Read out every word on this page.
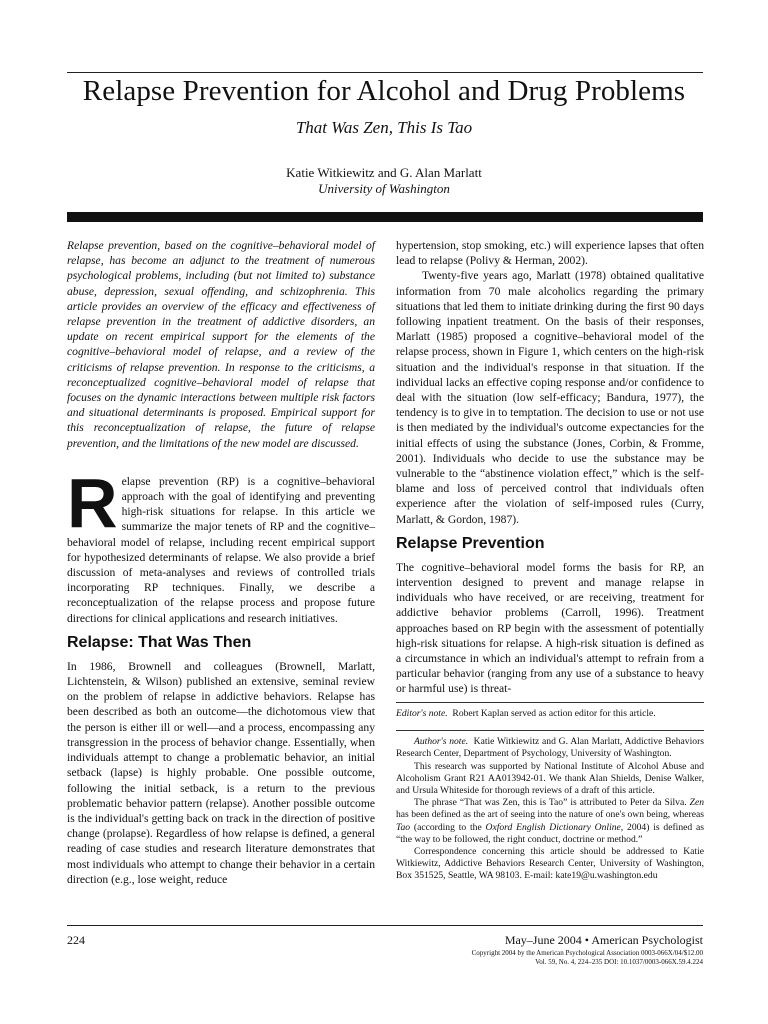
Relapse Prevention for Alcohol and Drug Problems
That Was Zen, This Is Tao
Katie Witkiewitz and G. Alan Marlatt
University of Washington

Relapse prevention, based on the cognitive–behavioral model of relapse, has become an adjunct to the treatment of numerous psychological problems, including (but not limited to) substance abuse, depression, sexual offending, and schizophrenia. This article provides an overview of the efficacy and effectiveness of relapse prevention in the treatment of addictive disorders, an update on recent empirical support for the elements of the cognitive–behavioral model of relapse, and a review of the criticisms of relapse prevention. In response to the criticisms, a reconceptualized cognitive–behavioral model of relapse that focuses on the dynamic interactions between multiple risk factors and situational determinants is proposed. Empirical support for this reconceptualization of relapse, the future of relapse prevention, and the limitations of the new model are discussed.

R elapse prevention (RP) is a cognitive–behavioral approach with the goal of identifying and preventing high-risk situations for relapse. In this article we summarize the major tenets of RP and the cognitive–behavioral model of relapse, including recent empirical support for hypothesized determinants of relapse. We also provide a brief discussion of meta-analyses and reviews of controlled trials incorporating RP techniques. Finally, we describe a reconceptualization of the relapse process and propose future directions for clinical applications and research initiatives.
Relapse: That Was Then

In 1986, Brownell and colleagues (Brownell, Marlatt, Lichtenstein, & Wilson) published an extensive, seminal review on the problem of relapse in addictive behaviors. Relapse has been described as both an outcome—the dichotomous view that the person is either ill or well—and a process, encompassing any transgression in the process of behavior change. Essentially, when individuals attempt to change a problematic behavior, an initial setback (lapse) is highly probable. One possible outcome, following the initial setback, is a return to the previous problematic behavior pattern (relapse). Another possible outcome is the individual's getting back on track in the direction of positive change (prolapse). Regardless of how relapse is defined, a general reading of case studies and research literature demonstrates that most individuals who attempt to change their behavior in a certain direction (e.g., lose weight, reduce

hypertension, stop smoking, etc.) will experience lapses that often lead to relapse (Polivy & Herman, 2002).

Twenty-five years ago, Marlatt (1978) obtained qualitative information from 70 male alcoholics regarding the primary situations that led them to initiate drinking during the first 90 days following inpatient treatment. On the basis of their responses, Marlatt (1985) proposed a cognitive–behavioral model of the relapse process, shown in Figure 1, which centers on the high-risk situation and the individual's response in that situation. If the individual lacks an effective coping response and/or confidence to deal with the situation (low self-efficacy; Bandura, 1977), the tendency is to give in to temptation. The decision to use or not use is then mediated by the individual's outcome expectancies for the initial effects of using the substance (Jones, Corbin, & Fromme, 2001). Individuals who decide to use the substance may be vulnerable to the “abstinence violation effect,” which is the self-blame and loss of perceived control that individuals often experience after the violation of self-imposed rules (Curry, Marlatt, & Gordon, 1987).

Relapse Prevention

The cognitive–behavioral model forms the basis for RP, an intervention designed to prevent and manage relapse in individuals who have received, or are receiving, treatment for addictive behavior problems (Carroll, 1996). Treatment approaches based on RP begin with the assessment of potentially high-risk situations for relapse. A high-risk situation is defined as a circumstance in which an individual's attempt to refrain from a particular behavior (ranging from any use of a substance to heavy or harmful use) is threat-

Editor's note. Robert Kaplan served as action editor for this article.

Author's note. Katie Witkiewitz and G. Alan Marlatt, Addictive Behaviors Research Center, Department of Psychology, University of Washington.

This research was supported by National Institute of Alcohol Abuse and Alcoholism Grant R21 AA013942-01. We thank Alan Shields, Denise Walker, and Ursula Whiteside for thorough reviews of a draft of this article.

The phrase “That was Zen, this is Tao” is attributed to Peter da Silva. Zen has been defined as the art of seeing into the nature of one's own being, whereas Tao (according to the Oxford English Dictionary Online, 2004) is defined as “the way to be followed, the right conduct, doctrine or method.”

Correspondence concerning this article should be addressed to Katie Witkiewitz, Addictive Behaviors Research Center, University of Washington, Box 351525, Seattle, WA 98103. E-mail: kate19@u.washington.edu

224	May–June 2004 • American Psychologist
Copyright 2004 by the American Psychological Association 0003-066X/04/$12.00
Vol. 59, No. 4, 224–235 DOI: 10.1037/0003-066X.59.4.224
